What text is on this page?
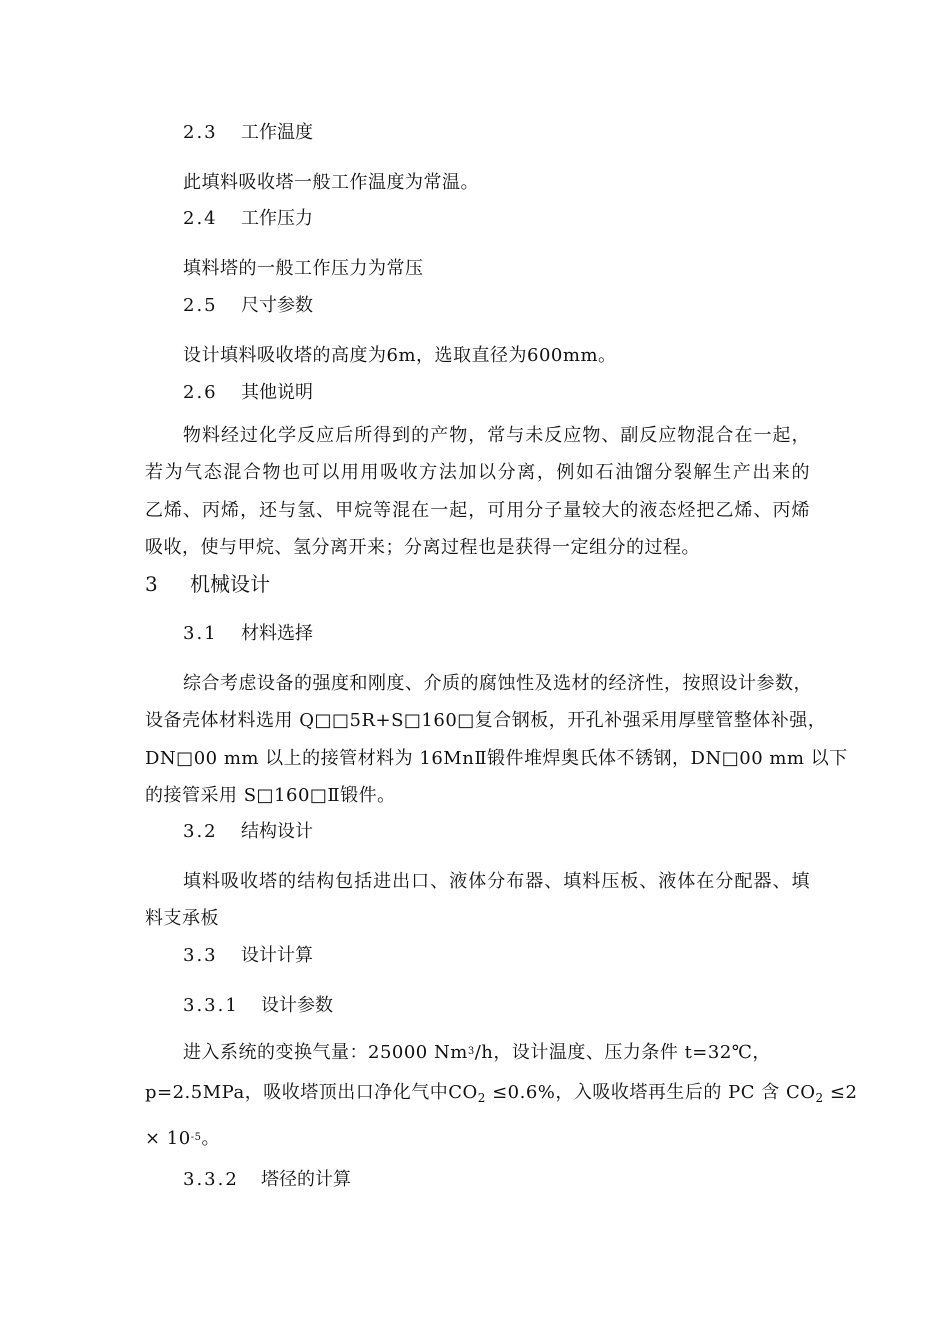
2.3 工作温度
此填料吸收塔一般工作温度为常温。
2.4 工作压力
填料塔的一般工作压力为常压
2.5 尺寸参数
设计填料吸收塔的高度为6m，选取直径为600mm。
2.6 其他说明
物料经过化学反应后所得到的产物，常与未反应物、副反应物混合在一起，
若为气态混合物也可以用用吸收方法加以分离，例如石油馏分裂解生产出来的
乙烯、丙烯，还与氢、甲烷等混在一起，可用分子量较大的液态烃把乙烯、丙烯
吸收，使与甲烷、氢分离开来；分离过程也是获得一定组分的过程。
3 机械设计
3.1 材料选择
综合考虑设备的强度和刚度、介质的腐蚀性及选材的经济性，按照设计参数，
设备壳体材料选用 Q□□5R+S□160□复合钢板，开孔补强采用厚壁管整体补强，
DN□00 mm 以上的接管材料为 16MnⅡ锻件堆焊奥氏体不锈钢，DN□00 mm 以下
的接管采用 S□160□Ⅱ锻件。
3.2 结构设计
填料吸收塔的结构包括进出口、液体分布器、填料压板、液体在分配器、填
料支承板
3.3 设计计算
3.3.1 设计参数
进入系统的变换气量：25000 Nm$^3$/h，设计温度、压力条件 t=32℃，
p=2.5MPa，吸收塔顶出口净化气中$CO_2 \le 0.6\%$，入吸收塔再生后的 PC 含 $CO_2 \le 2$
× $10^{-5}$。
3.3.2 塔径的计算
